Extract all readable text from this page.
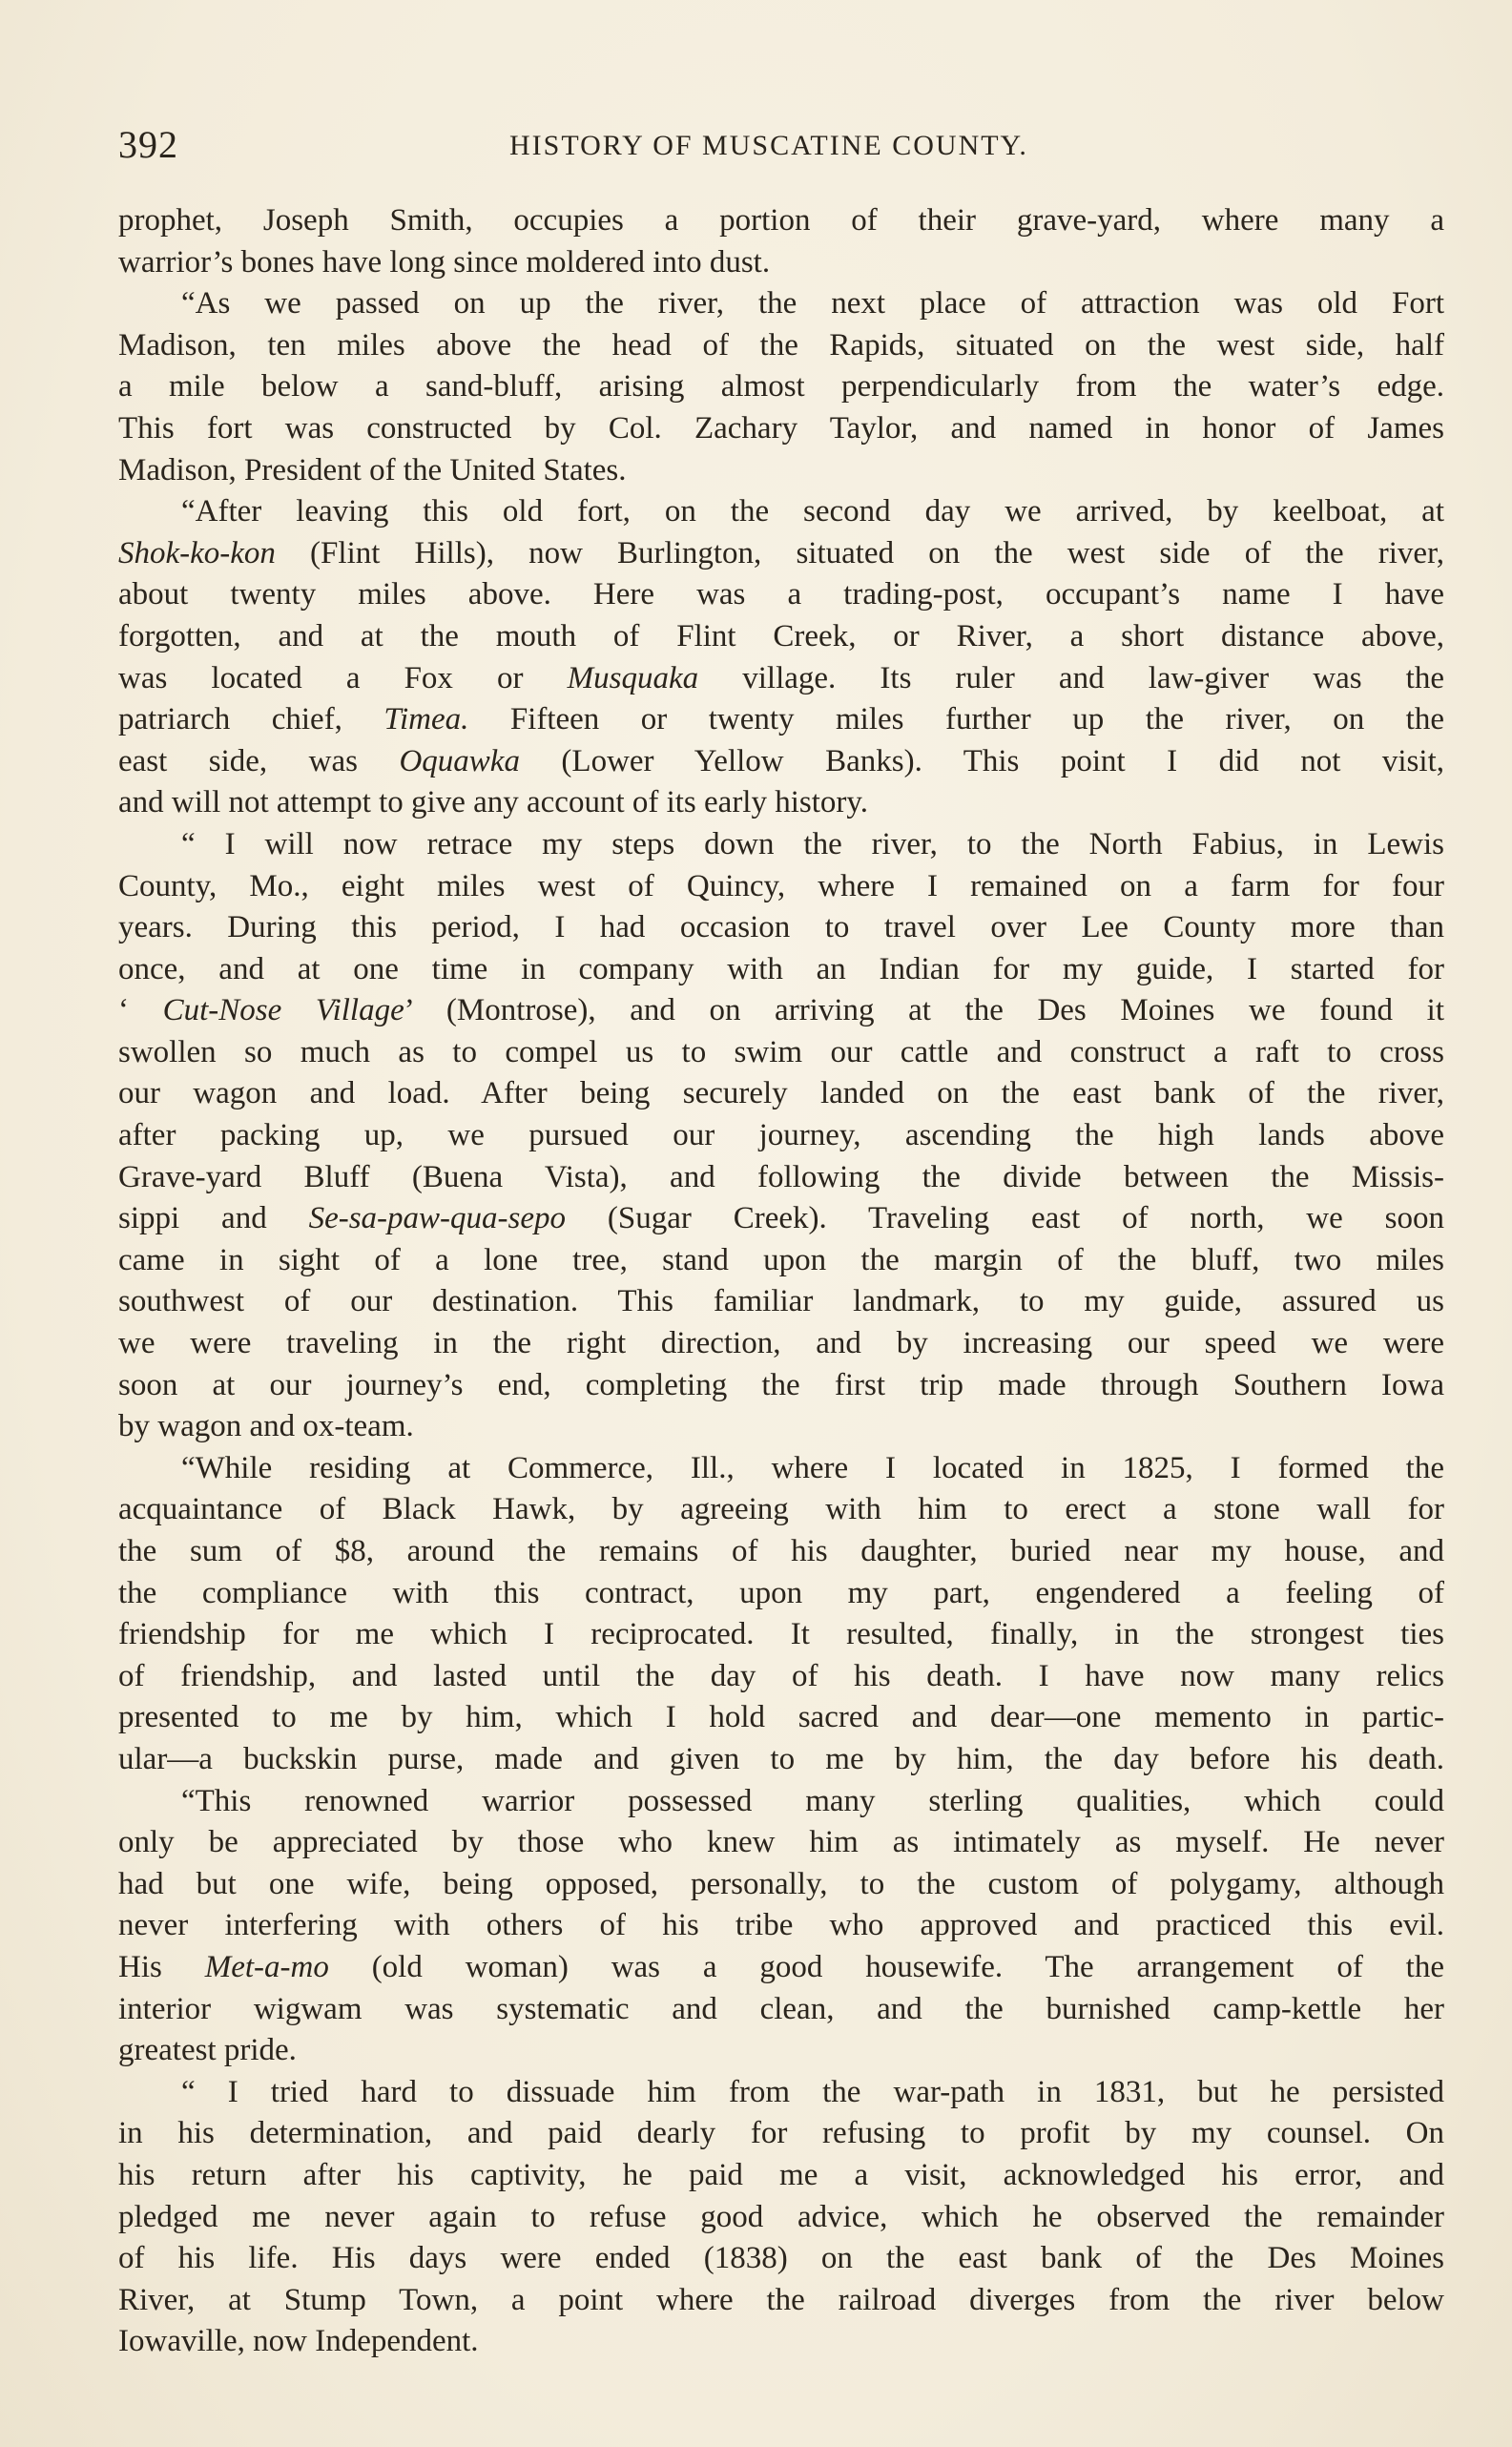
392	HISTORY OF MUSCATINE COUNTY.
prophet, Joseph Smith, occupies a portion of their grave-yard, where many a
warrior’s bones have long since moldered into dust.
“As we passed on up the river, the next place of attraction was old Fort
Madison, ten miles above the head of the Rapids, situated on the west side, half
a mile below a sand-bluff, arising almost perpendicularly from the water’s edge.
This fort was constructed by Col. Zachary Taylor, and named in honor of James
Madison, President of the United States.
“After leaving this old fort, on the second day we arrived, by keelboat, at
Shok-ko-kon (Flint Hills), now Burlington, situated on the west side of the river,
about twenty miles above. Here was a trading-post, occupant’s name I have
forgotten, and at the mouth of Flint Creek, or River, a short distance above,
was located a Fox or Musquaka village. Its ruler and law-giver was the
patriarch chief, Timea. Fifteen or twenty miles further up the river, on the
east side, was Oquawka (Lower Yellow Banks). This point I did not visit,
and will not attempt to give any account of its early history.
“ I will now retrace my steps down the river, to the North Fabius, in Lewis
County, Mo., eight miles west of Quincy, where I remained on a farm for four
years. During this period, I had occasion to travel over Lee County more than
once, and at one time in company with an Indian for my guide, I started for
‘ Cut-Nose Village’ (Montrose), and on arriving at the Des Moines we found it
swollen so much as to compel us to swim our cattle and construct a raft to cross
our wagon and load. After being securely landed on the east bank of the river,
after packing up, we pursued our journey, ascending the high lands above
Grave-yard Bluff (Buena Vista), and following the divide between the Missis-
sippi and Se-sa-paw-qua-sepo (Sugar Creek). Traveling east of north, we soon
came in sight of a lone tree, stand upon the margin of the bluff, two miles
southwest of our destination. This familiar landmark, to my guide, assured us
we were traveling in the right direction, and by increasing our speed we were
soon at our journey’s end, completing the first trip made through Southern Iowa
by wagon and ox-team.
“While residing at Commerce, Ill., where I located in 1825, I formed the
acquaintance of Black Hawk, by agreeing with him to erect a stone wall for
the sum of $8, around the remains of his daughter, buried near my house, and
the compliance with this contract, upon my part, engendered a feeling of
friendship for me which I reciprocated. It resulted, finally, in the strongest ties
of friendship, and lasted until the day of his death. I have now many relics
presented to me by him, which I hold sacred and dear—one memento in partic-
ular—a buckskin purse, made and given to me by him, the day before his death.
“This renowned warrior possessed many sterling qualities, which could
only be appreciated by those who knew him as intimately as myself. He never
had but one wife, being opposed, personally, to the custom of polygamy, although
never interfering with others of his tribe who approved and practiced this evil.
His Met-a-mo (old woman) was a good housewife. The arrangement of the
interior wigwam was systematic and clean, and the burnished camp-kettle her
greatest pride.
“ I tried hard to dissuade him from the war-path in 1831, but he persisted
in his determination, and paid dearly for refusing to profit by my counsel. On
his return after his captivity, he paid me a visit, acknowledged his error, and
pledged me never again to refuse good advice, which he observed the remainder
of his life. His days were ended (1838) on the east bank of the Des Moines
River, at Stump Town, a point where the railroad diverges from the river below
Iowaville, now Independent.
